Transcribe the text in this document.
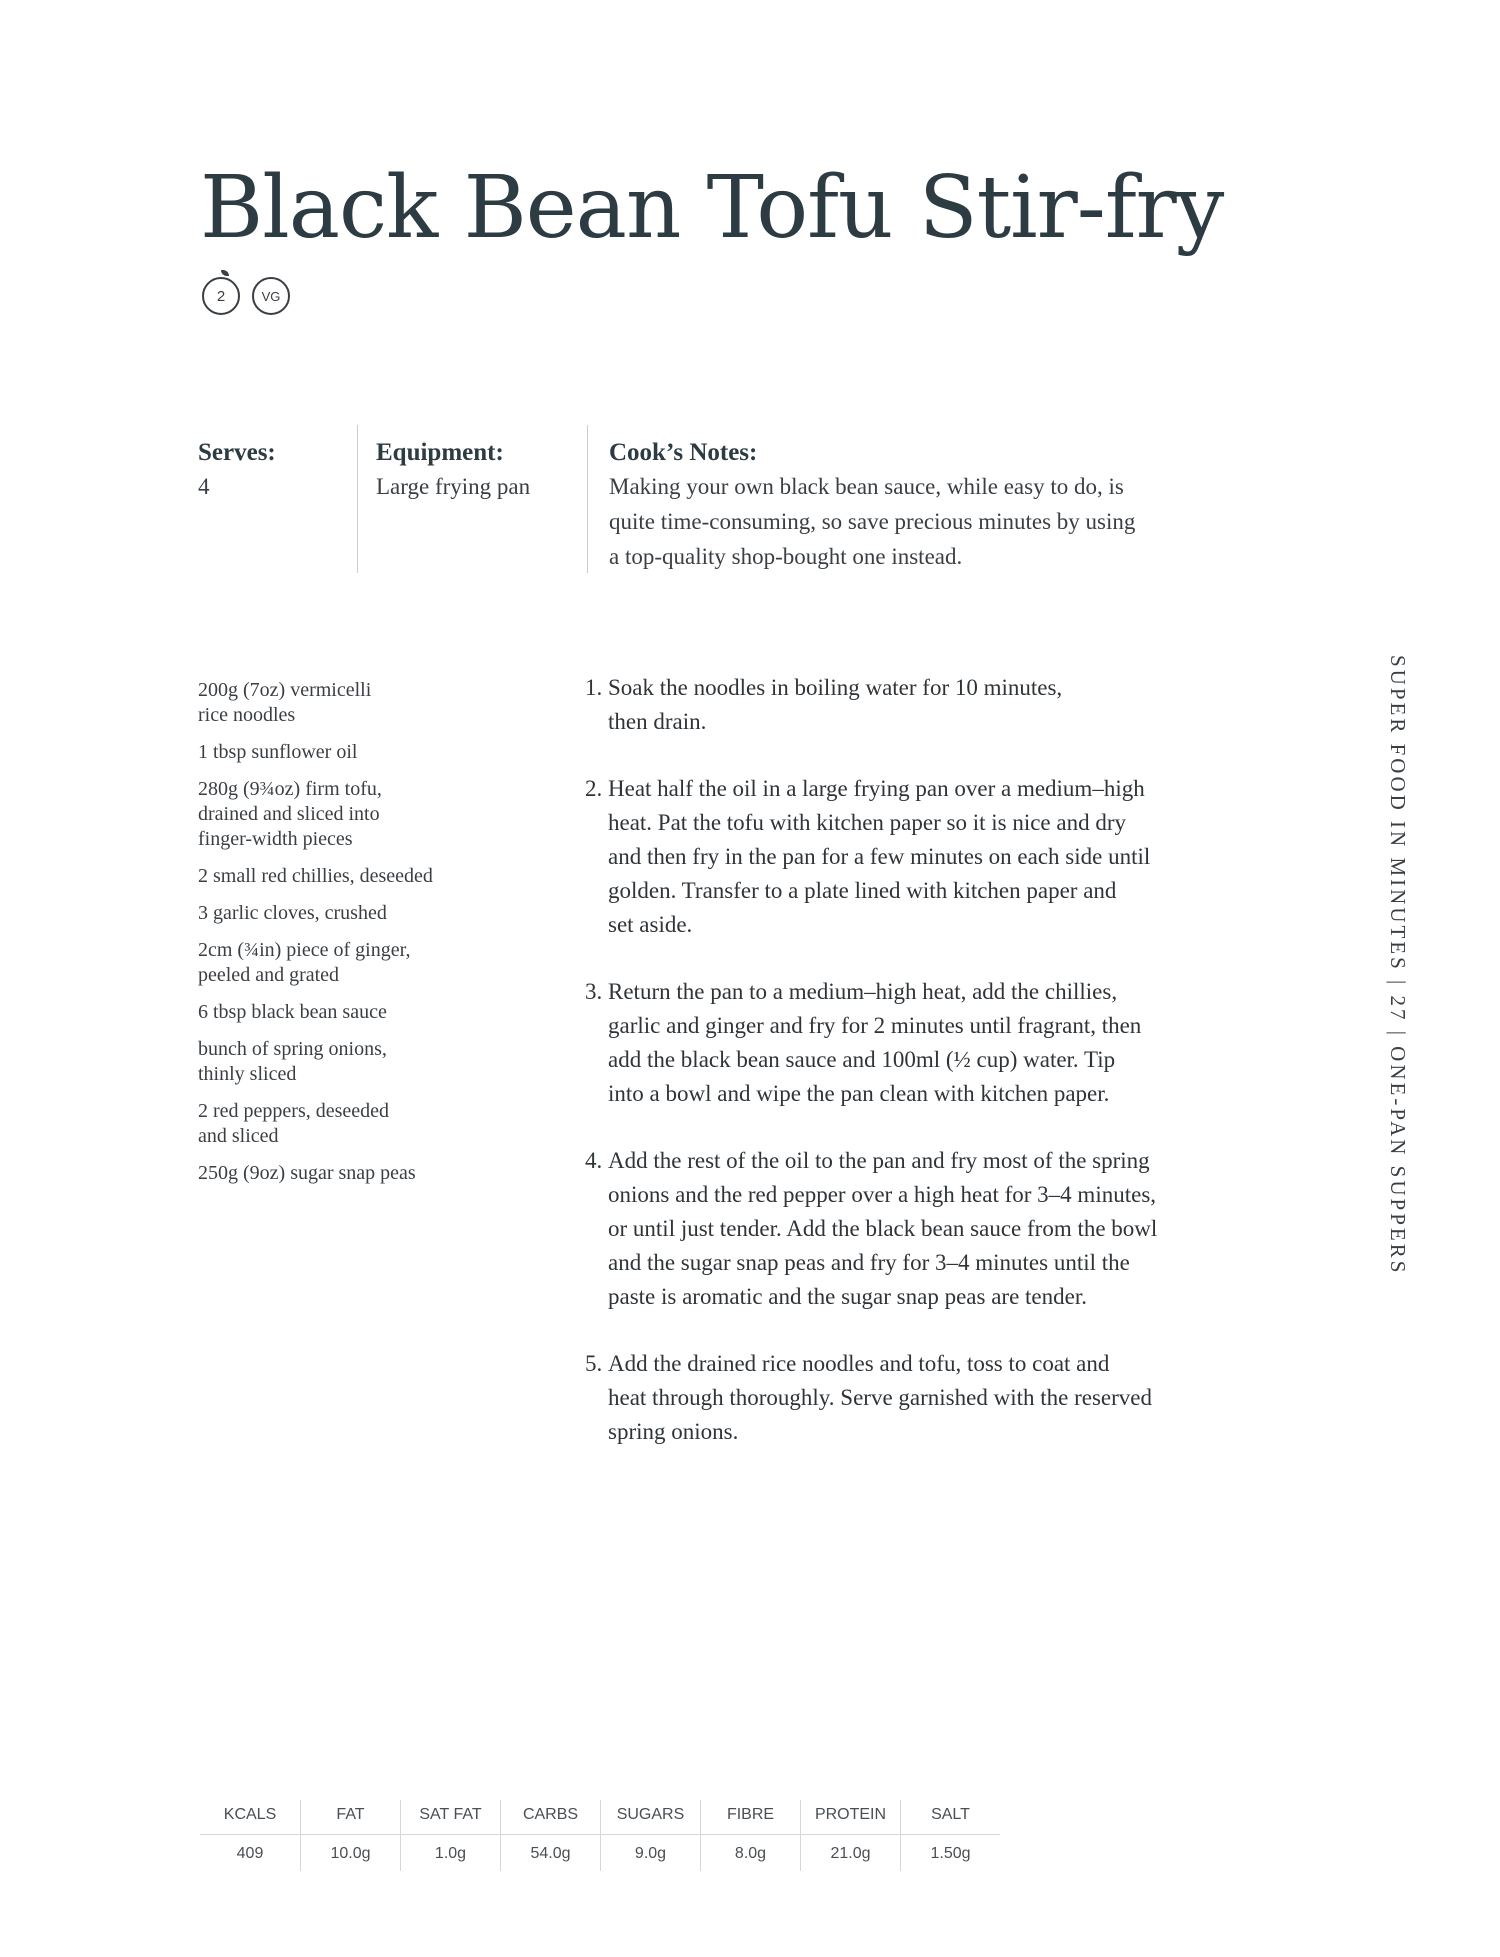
Black Bean Tofu Stir-fry
2	VG
Serves:
4
Equipment:
Large frying pan
Cook’s Notes:
Making your own black bean sauce, while easy to do, is
quite time-consuming, so save precious minutes by using
a top-quality shop-bought one instead.
200g (7oz) vermicelli
rice noodles
1 tbsp sunflower oil
280g (9¾oz) firm tofu,
drained and sliced into
finger-width pieces
2 small red chillies, deseeded
3 garlic cloves, crushed
2cm (¾in) piece of ginger,
peeled and grated
6 tbsp black bean sauce
bunch of spring onions,
thinly sliced
2 red peppers, deseeded
and sliced
250g (9oz) sugar snap peas
1. Soak the noodles in boiling water for 10 minutes,
then drain.
2. Heat half the oil in a large frying pan over a medium–high
heat. Pat the tofu with kitchen paper so it is nice and dry
and then fry in the pan for a few minutes on each side until
golden. Transfer to a plate lined with kitchen paper and
set aside.
3. Return the pan to a medium–high heat, add the chillies,
garlic and ginger and fry for 2 minutes until fragrant, then
add the black bean sauce and 100ml (½ cup) water. Tip
into a bowl and wipe the pan clean with kitchen paper.
4. Add the rest of the oil to the pan and fry most of the spring
onions and the red pepper over a high heat for 3–4 minutes,
or until just tender. Add the black bean sauce from the bowl
and the sugar snap peas and fry for 3–4 minutes until the
paste is aromatic and the sugar snap peas are tender.
5. Add the drained rice noodles and tofu, toss to coat and
heat through thoroughly. Serve garnished with the reserved
spring onions.
SUPER FOOD IN MINUTES | 27 | ONE-PAN SUPPERS
KCALS	FAT	SAT FAT	CARBS	SUGARS	FIBRE	PROTEIN	SALT
409	10.0g	1.0g	54.0g	9.0g	8.0g	21.0g	1.50g
